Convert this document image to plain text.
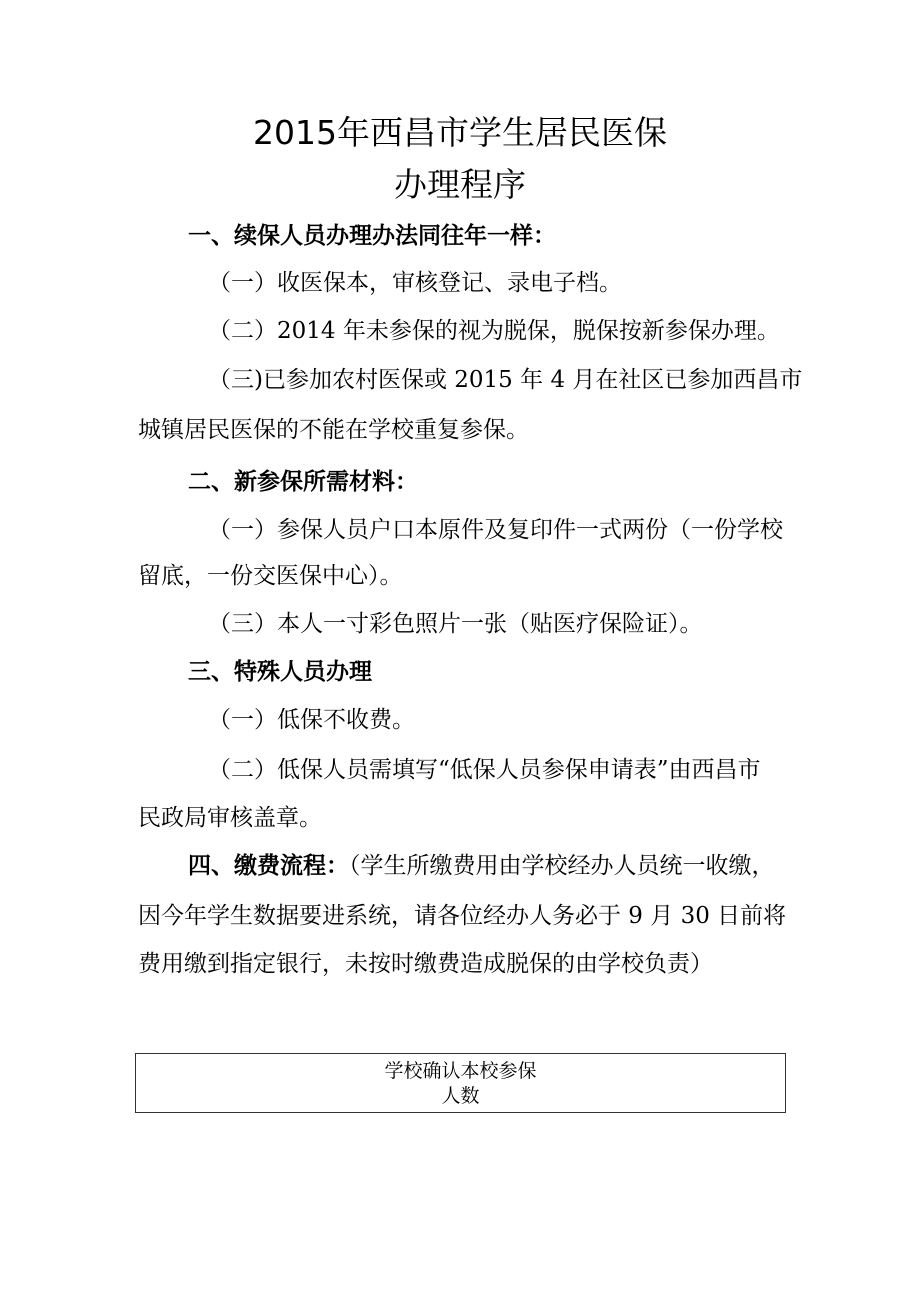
2015年西昌市学生居民医保
办理程序
一、续保人员办理办法同往年一样：
（一）收医保本，审核登记、录电子档。
（二）2014 年未参保的视为脱保，脱保按新参保办理。
（三)已参加农村医保或 2015 年 4 月在社区已参加西昌市
城镇居民医保的不能在学校重复参保。
二、新参保所需材料：
（一）参保人员户口本原件及复印件一式两份（一份学校
留底，一份交医保中心）。
（三）本人一寸彩色照片一张（贴医疗保险证）。
三、特殊人员办理
（一）低保不收费。
（二）低保人员需填写“低保人员参保申请表”由西昌市
民政局审核盖章。
四、缴费流程：（学生所缴费用由学校经办人员统一收缴，
因今年学生数据要进系统，请各位经办人务必于 9 月 30 日前将
费用缴到指定银行，未按时缴费造成脱保的由学校负责）
学校确认本校参保
人数
